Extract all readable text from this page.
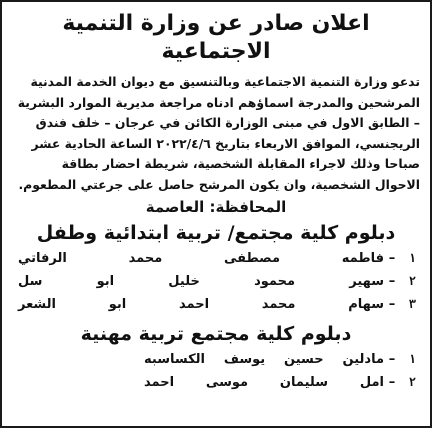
اعلان صادر عن وزارة التنمية الاجتماعية
تدعو وزارة التنمية الاجتماعية وبالتنسيق مع ديوان الخدمة المدنية
المرشحين والمدرجة اسماؤهم ادناه مراجعة مديرية الموارد البشرية
– الطابق الاول في مبنى الوزارة الكائن في عرجان – خلف فندق
الريجنسي، الموافق الاربعاء بتاريخ ٢٠٢٢/٤/٦ الساعة الحادية عشر
صباحا وذلك لاجراء المقابلة الشخصية، شريطة احضار بطاقة
الاحوال الشخصية، وان يكون المرشح حاصل على جرعتي المطعوم.
المحافظة: العاصمة
دبلوم كلية مجتمع/ تربية ابتدائية وطفل
١
–
فاطمه مصطفى محمد الرفاتي
٢
–
سهير محمود خليل ابو سل
٣
–
سهام محمد احمد ابو الشعر
دبلوم كلية مجتمع تربية مهنية
١
–
مادلين حسين يوسف الكساسبه
٢
–
امل سليمان موسى احمد
